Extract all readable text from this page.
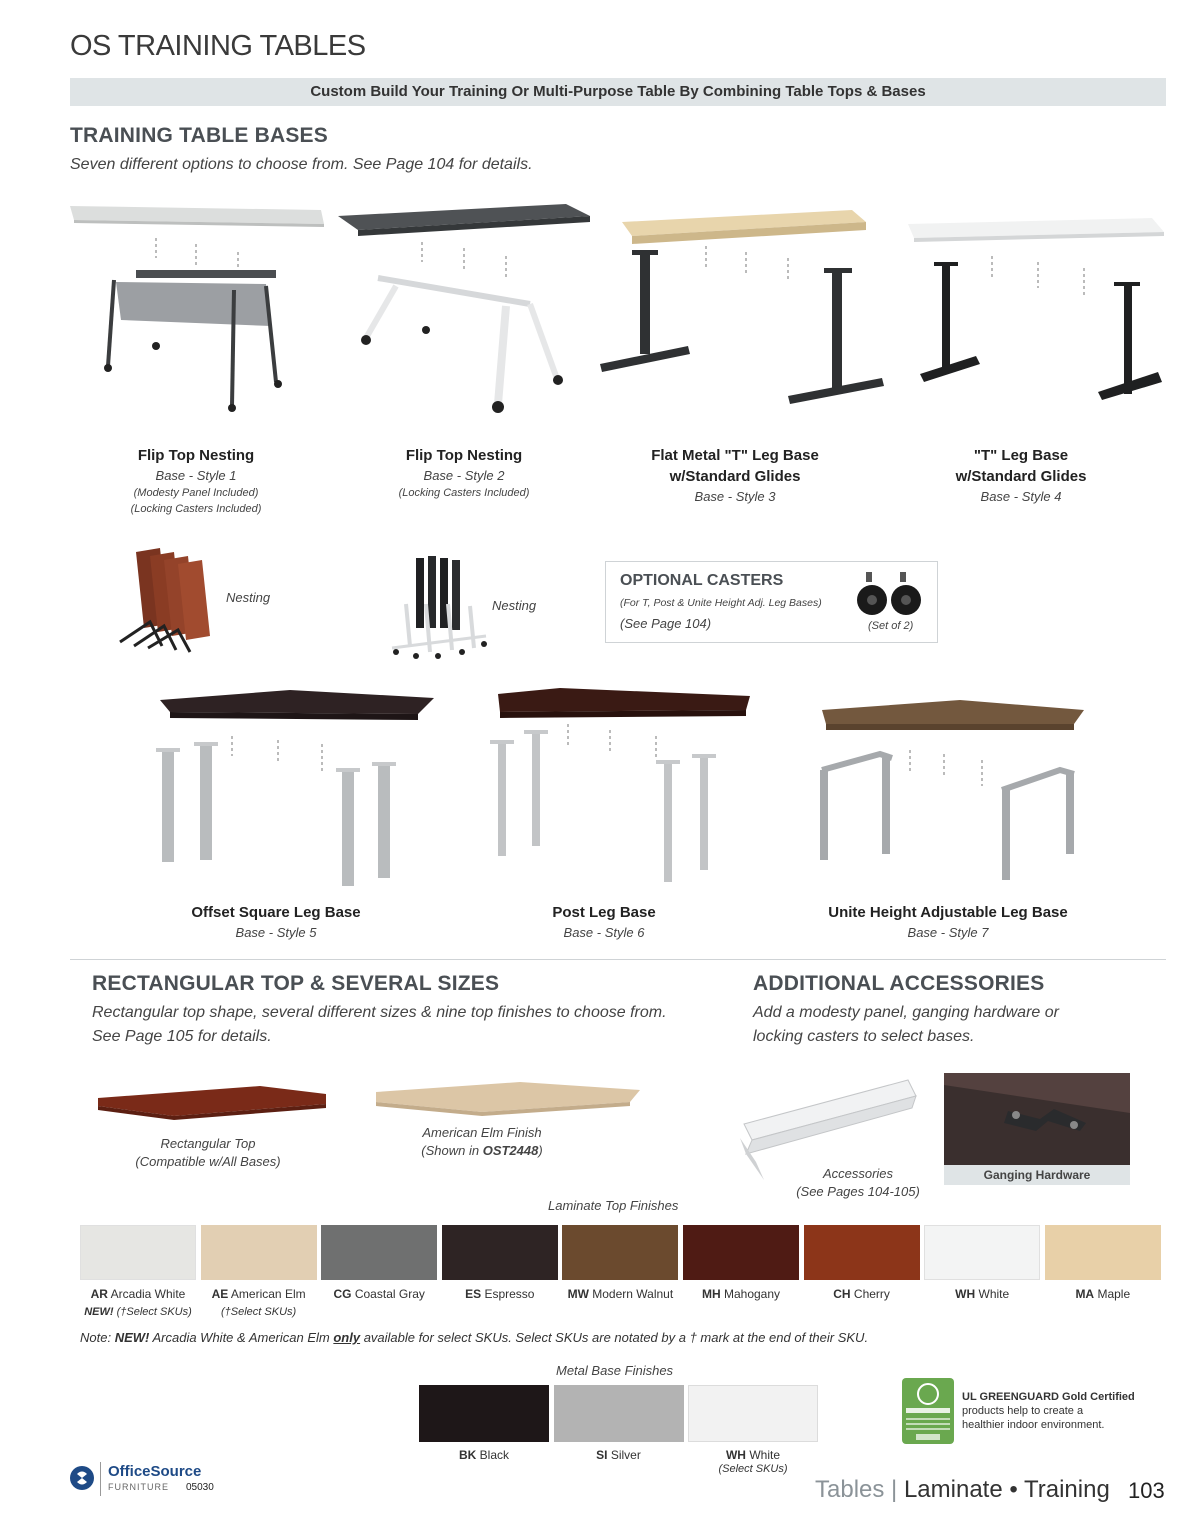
OS TRAINING TABLES
Custom Build Your Training Or Multi-Purpose Table By Combining Table Tops & Bases
TRAINING TABLE BASES
Seven different options to choose from. See Page 104 for details.
Flip Top Nesting
Base - Style 1
(Modesty Panel Included)
(Locking Casters Included)
Flip Top Nesting
Base - Style 2
(Locking Casters Included)
Flat Metal "T" Leg Base
w/Standard Glides
Base - Style 3
"T" Leg Base
w/Standard Glides
Base - Style 4
Nesting
Nesting
OPTIONAL CASTERS
(For T, Post & Unite Height Adj. Leg Bases)
(See Page 104)	(Set of 2)
Offset Square Leg Base
Base - Style 5
Post Leg Base
Base - Style 6
Unite Height Adjustable Leg Base
Base - Style 7
RECTANGULAR TOP & SEVERAL SIZES
Rectangular top shape, several different sizes & nine top finishes to choose from.
See Page 105 for details.
ADDITIONAL ACCESSORIES
Add a modesty panel, ganging hardware or
locking casters to select bases.
Rectangular Top
(Compatible w/All Bases)
American Elm Finish
(Shown in OST2448)
Accessories
(See Pages 104-105)
Ganging Hardware
Laminate Top Finishes
AR Arcadia White
NEW! (†Select SKUs)
AE American Elm
(†Select SKUs)
CG Coastal Gray	ES Espresso	MW Modern Walnut	MH Mahogany	CH Cherry	WH White	MA Maple
Note: NEW! Arcadia White & American Elm only available for select SKUs. Select SKUs are notated by a † mark at the end of their SKU.
Metal Base Finishes
BK Black	SI Silver	WH White
(Select SKUs)
UL GREENGUARD Gold Certified
products help to create a
healthier indoor environment.
OfficeSource
FURNITURE 05030	Tables | Laminate • Training 103
